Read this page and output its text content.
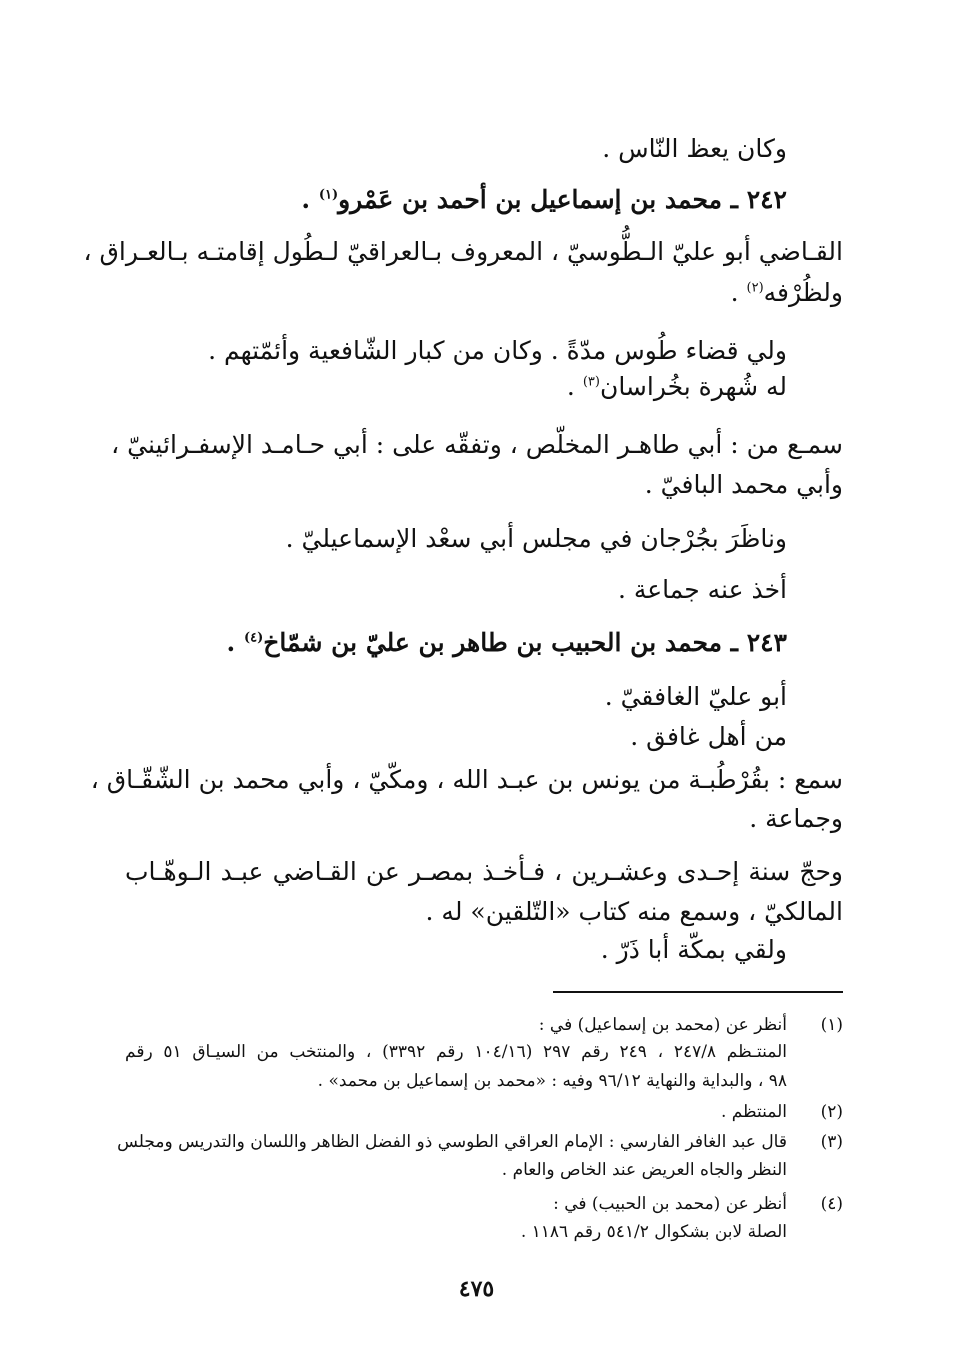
وكان يعظ النّاس .
٢٤٢ ـ محمد بن إسماعيل بن أحمد بن عَمْرو$^{(١)}$ .
القـاضي أبو عليّ الـطُّوسيّ ، المعروف بـالعراقيّ لـطُول إقامتـه بـالعـراق ،
ولظُرْفه$^{(٢)}$ .
ولي قضاء طُوس مدّةً . وكان من كبار الشّافعية وأئمّتهم .
له شُهرة بخُراسان$^{(٣)}$ .
سمـع من : أبي طاهـر المخلّص ، وتفقّه على : أبي حـامـد الإسفـرائينيّ ،
وأبي محمد البافيّ .
وناظَرَ بجُرْجان في مجلس أبي سعْد الإسماعيليّ .
أخذ عنه جماعة .
٢٤٣ ـ محمد بن الحبيب بن طاهر بن عليّ بن شمّاخ$^{(٤)}$ .
أبو عليّ الغافقيّ .
من أهل غافق .
سمع : بقُرْطُبـة من يونس بن عبـد الله ، ومكّيّ ، وأبي محمد بن الشّقّـاق ،
وجماعة .
وحجّ سنة إحـدى وعشـرين ، فـأخـذ بمصـر عن القـاضي عبـد الـوهّـاب
المالكيّ ، وسمع منه كتاب «التّلقين» له .
ولقي بمكّة أبا ذَرّ .
(١)
أنظر عن (محمد بن إسماعيل) في :
المنتـظم ٢٤٧/٨ ، ٢٤٩ رقم ٢٩٧ (١٠٤/١٦ رقم ٣٣٩٢) ، والمنتخب من السيـاق ٥١ رقم
٩٨ ، والبداية والنهاية ٩٦/١٢ وفيه : «محمد بن إسماعيل بن محمد» .
(٢)
المنتظم .
(٣)
قال عبد الغافر الفارسي : الإمام العراقي الطوسي ذو الفضل الظاهر واللسان والتدريس ومجلس
النظر والجاه العريض عند الخاص والعام .
(٤)
أنظر عن (محمد بن الحبيب) في :
الصلة لابن بشكوال ٥٤١/٢ رقم ١١٨٦ .
٤٧٥
